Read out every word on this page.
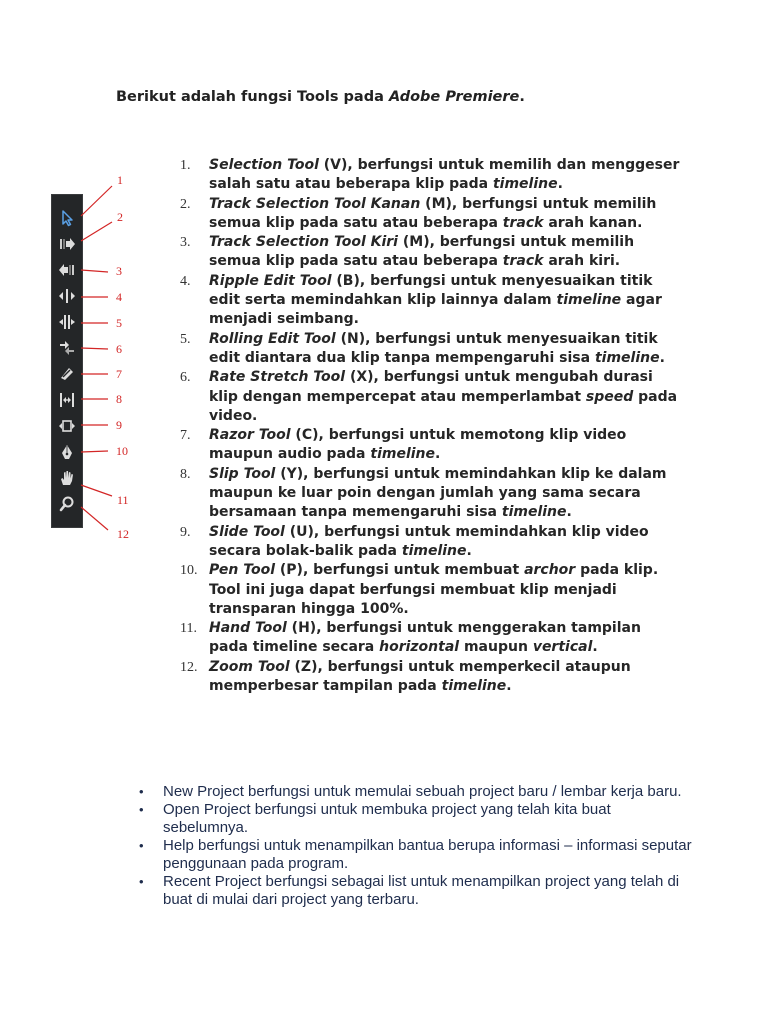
Berikut adalah fungsi Tools pada Adobe Premiere.
1
2
3
4
5
6
7
8
9
10
11
12
1. Selection Tool (V), berfungsi untuk memilih dan menggeser salah satu atau beberapa klip pada timeline.
2. Track Selection Tool Kanan (M), berfungsi untuk memilih semua klip pada satu atau beberapa track arah kanan.
3. Track Selection Tool Kiri (M), berfungsi untuk memilih semua klip pada satu atau beberapa track arah kiri.
4. Ripple Edit Tool (B), berfungsi untuk menyesuaikan titik edit serta memindahkan klip lainnya dalam timeline agar menjadi seimbang.
5. Rolling Edit Tool (N), berfungsi untuk menyesuaikan titik edit diantara dua klip tanpa mempengaruhi sisa timeline.
6. Rate Stretch Tool (X), berfungsi untuk mengubah durasi klip dengan mempercepat atau memperlambat speed pada video.
7. Razor Tool (C), berfungsi untuk memotong klip video maupun audio pada timeline.
8. Slip Tool (Y), berfungsi untuk memindahkan klip ke dalam maupun ke luar poin dengan jumlah yang sama secara bersamaan tanpa memengaruhi sisa timeline.
9. Slide Tool (U), berfungsi untuk memindahkan klip video secara bolak-balik pada timeline.
10. Pen Tool (P), berfungsi untuk membuat archor pada klip. Tool ini juga dapat berfungsi membuat klip menjadi transparan hingga 100%.
11. Hand Tool (H), berfungsi untuk menggerakan tampilan pada timeline secara horizontal maupun vertical.
12. Zoom Tool (Z), berfungsi untuk memperkecil ataupun memperbesar tampilan pada timeline.
• New Project berfungsi untuk memulai sebuah project baru / lembar kerja baru.
• Open Project berfungsi untuk membuka project yang telah kita buat sebelumnya.
• Help berfungsi untuk menampilkan bantua berupa informasi – informasi seputar penggunaan pada program.
• Recent Project berfungsi sebagai list untuk menampilkan project yang telah di buat di mulai dari project yang terbaru.
